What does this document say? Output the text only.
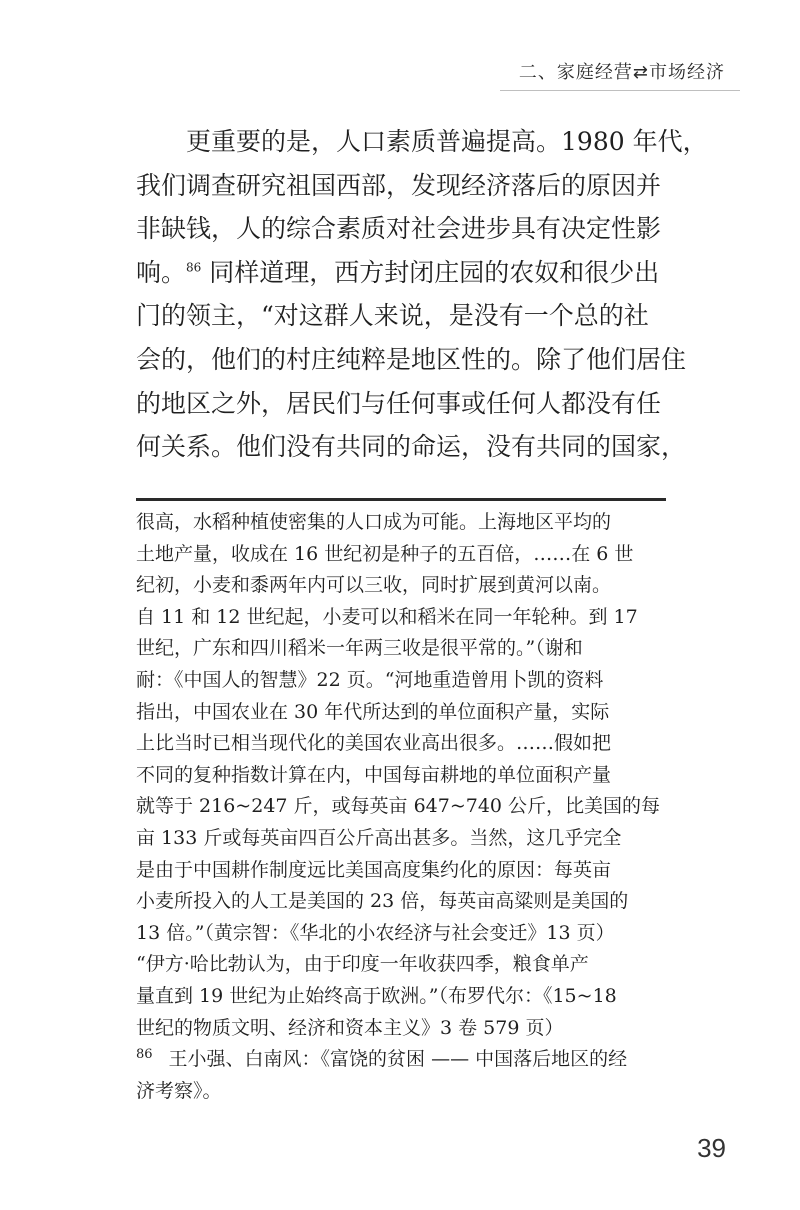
二、家庭经营⇄市场经济
更重要的是，人口素质普遍提高。1980 年代，
我们调查研究祖国西部，发现经济落后的原因并
非缺钱，人的综合素质对社会进步具有决定性影
响。$^{86}$ 同样道理，西方封闭庄园的农奴和很少出
门的领主，“对这群人来说，是没有一个总的社
会的，他们的村庄纯粹是地区性的。除了他们居住
的地区之外，居民们与任何事或任何人都没有任
何关系。他们没有共同的命运，没有共同的国家，
很高，水稻种植使密集的人口成为可能。上海地区平均的
土地产量，收成在 16 世纪初是种子的五百倍，……在 6 世
纪初，小麦和黍两年内可以三收，同时扩展到黄河以南。
自 11 和 12 世纪起，小麦可以和稻米在同一年轮种。到 17
世纪，广东和四川稻米一年两三收是很平常的。”（谢和
耐：《中国人的智慧》22 页。“河地重造曾用卜凯的资料
指出，中国农业在 30 年代所达到的单位面积产量，实际
上比当时已相当现代化的美国农业高出很多。……假如把
不同的复种指数计算在内，中国每亩耕地的单位面积产量
就等于 216~247 斤，或每英亩 647~740 公斤，比美国的每
亩 133 斤或每英亩四百公斤高出甚多。当然，这几乎完全
是由于中国耕作制度远比美国高度集约化的原因：每英亩
小麦所投入的人工是美国的 23 倍，每英亩高粱则是美国的
13 倍。”（黄宗智：《华北的小农经济与社会变迁》13 页）
“伊方·哈比勃认为，由于印度一年收获四季，粮食单产
量直到 19 世纪为止始终高于欧洲。”（布罗代尔：《15~18
世纪的物质文明、经济和资本主义》3 卷 579 页）
$^{86}$ 王小强、白南风：《富饶的贫困 —— 中国落后地区的经
济考察》。
39
